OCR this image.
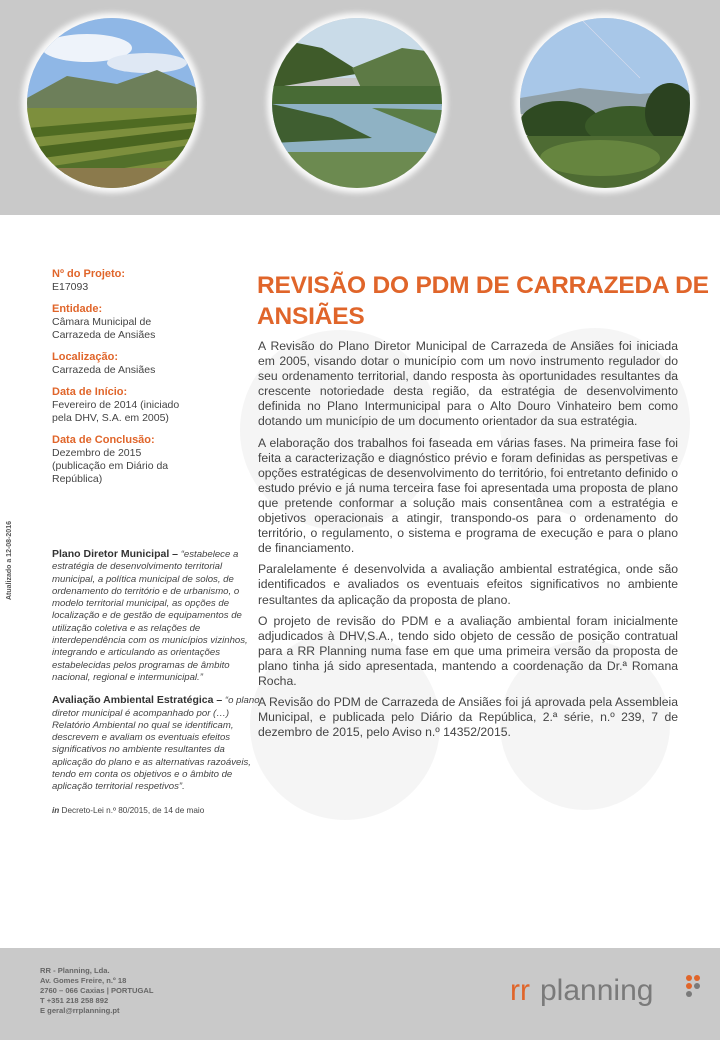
Nº do Projeto:
E17093
Entidade:
Câmara Municipal de Carrazeda de Ansiães
Localização:
Carrazeda de Ansiães
Data de Início:
Fevereiro de 2014 (iniciado pela DHV, S.A. em 2005)
Data de Conclusão:
Dezembro de 2015 (publicação em Diário da República)
Atualizado a 12-08-2016	Plano Diretor Municipal – “estabelece a estratégia de desenvolvimento territorial municipal, a política municipal de solos, de ordenamento do território e de urbanismo, o modelo territorial municipal, as opções de localização e de gestão de equipamentos de utilização coletiva e as relações de interdependência com os municípios vizinhos, integrando e articulando as orientações estabelecidas pelos programas de âmbito nacional, regional e intermunicipal.”
Avaliação Ambiental Estratégica – “o plano diretor municipal é acompanhado por (…) Relatório Ambiental no qual se identificam, descrevem e avaliam os eventuais efeitos significativos no ambiente resultantes da aplicação do plano e as alternativas razoáveis, tendo em conta os objetivos e o âmbito de aplicação territorial respetivos”.
in Decreto-Lei n.º 80/2015, de 14 de maio
REVISÃO DO PDM DE CARRAZEDA DE ANSIÃES

A Revisão do Plano Diretor Municipal de Carrazeda de Ansiães foi iniciada em 2005, visando dotar o município com um novo instrumento regulador do seu ordenamento territorial, dando resposta às oportunidades resultantes da crescente notoriedade desta região, da estratégia de desenvolvimento definida no Plano Intermunicipal para o Alto Douro Vinhateiro bem como dotando um município de um documento orientador da sua estratégia.

A elaboração dos trabalhos foi faseada em várias fases. Na primeira fase foi feita a caracterização e diagnóstico prévio e foram definidas as perspetivas e opções estratégicas de desenvolvimento do território, foi entretanto definido o estudo prévio e já numa terceira fase foi apresentada uma proposta de plano que pretende conformar a solução mais consentânea com a estratégia e objetivos operacionais a atingir, transpondo-os para o ordenamento do território, o regulamento, o sistema e programa de execução e para o plano de financiamento.

Paralelamente é desenvolvida a avaliação ambiental estratégica, onde são identificados e avaliados os eventuais efeitos significativos no ambiente resultantes da aplicação da proposta de plano.

O projeto de revisão do PDM e a avaliação ambiental foram inicialmente adjudicados à DHV,S.A., tendo sido objeto de cessão de posição contratual para a RR Planning numa fase em que uma primeira versão da proposta de plano tinha já sido apresentada, mantendo a coordenação da Dr.ª Romana Rocha.

A Revisão do PDM de Carrazeda de Ansiães foi já aprovada pela Assembleia Municipal, e publicada pelo Diário da República, 2.ª série, n.º 239, 7 de dezembro de 2015, pelo Aviso n.º 14352/2015.

RR - Planning, Lda.
Av. Gomes Freire, n.º 18
2760 – 066 Caxias | PORTUGAL
T +351 218 258 892
E geral@rrplanning.pt
rr planning
